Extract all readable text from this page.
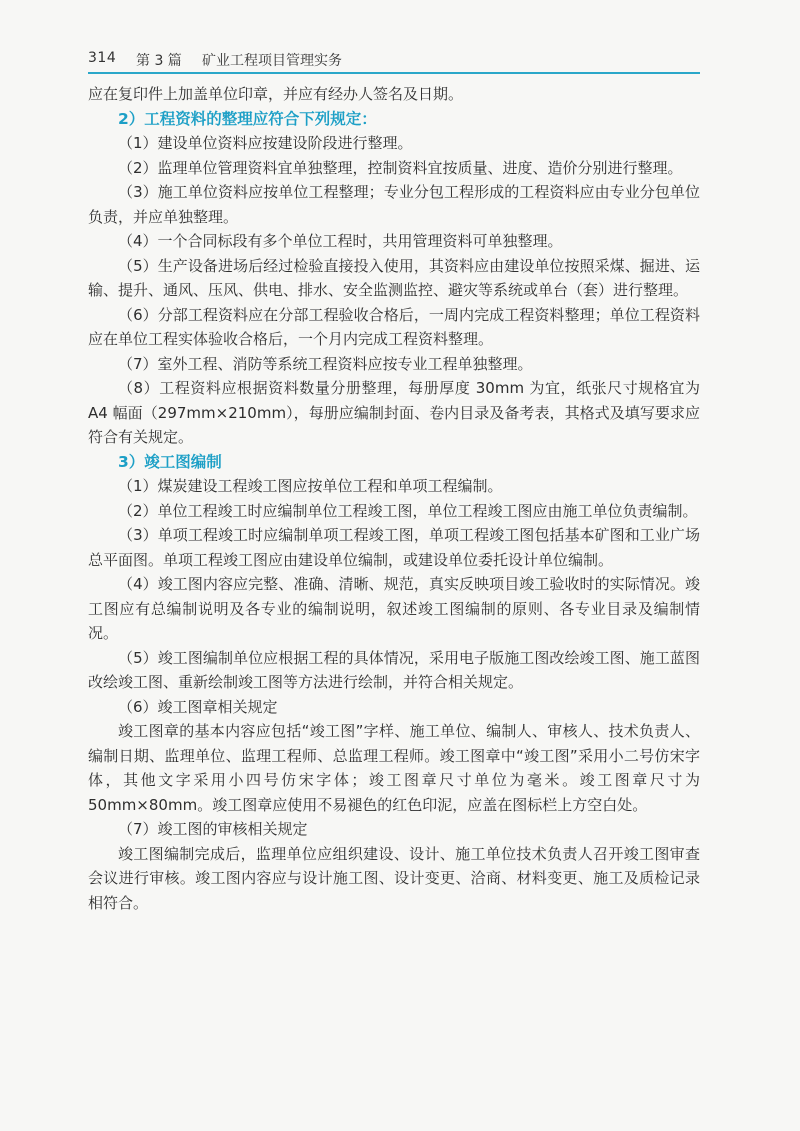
314 第 3 篇 矿业工程项目管理实务

应在复印件上加盖单位印章，并应有经办人签名及日期。

2）工程资料的整理应符合下列规定：

（1）建设单位资料应按建设阶段进行整理。

（2）监理单位管理资料宜单独整理，控制资料宜按质量、进度、造价分别进行整理。

（3）施工单位资料应按单位工程整理；专业分包工程形成的工程资料应由专业分包单位负责，并应单独整理。

（4）一个合同标段有多个单位工程时，共用管理资料可单独整理。

（5）生产设备进场后经过检验直接投入使用，其资料应由建设单位按照采煤、掘进、运输、提升、通风、压风、供电、排水、安全监测监控、避灾等系统或单台（套）进行整理。

（6）分部工程资料应在分部工程验收合格后，一周内完成工程资料整理；单位工程资料应在单位工程实体验收合格后，一个月内完成工程资料整理。

（7）室外工程、消防等系统工程资料应按专业工程单独整理。

（8）工程资料应根据资料数量分册整理，每册厚度 30mm 为宜，纸张尺寸规格宜为 A4 幅面（297mm×210mm），每册应编制封面、卷内目录及备考表，其格式及填写要求应符合有关规定。

3）竣工图编制

（1）煤炭建设工程竣工图应按单位工程和单项工程编制。

（2）单位工程竣工时应编制单位工程竣工图，单位工程竣工图应由施工单位负责编制。

（3）单项工程竣工时应编制单项工程竣工图，单项工程竣工图包括基本矿图和工业广场总平面图。单项工程竣工图应由建设单位编制，或建设单位委托设计单位编制。

（4）竣工图内容应完整、准确、清晰、规范，真实反映项目竣工验收时的实际情况。竣工图应有总编制说明及各专业的编制说明，叙述竣工图编制的原则、各专业目录及编制情况。

（5）竣工图编制单位应根据工程的具体情况，采用电子版施工图改绘竣工图、施工蓝图改绘竣工图、重新绘制竣工图等方法进行绘制，并符合相关规定。

（6）竣工图章相关规定

竣工图章的基本内容应包括“竣工图”字样、施工单位、编制人、审核人、技术负责人、编制日期、监理单位、监理工程师、总监理工程师。竣工图章中“竣工图”采用小二号仿宋字体，其他文字采用小四号仿宋字体；竣工图章尺寸单位为毫米。竣工图章尺寸为 50mm×80mm。竣工图章应使用不易褪色的红色印泥，应盖在图标栏上方空白处。

（7）竣工图的审核相关规定

竣工图编制完成后，监理单位应组织建设、设计、施工单位技术负责人召开竣工图审查会议进行审核。竣工图内容应与设计施工图、设计变更、洽商、材料变更、施工及质检记录相符合。
